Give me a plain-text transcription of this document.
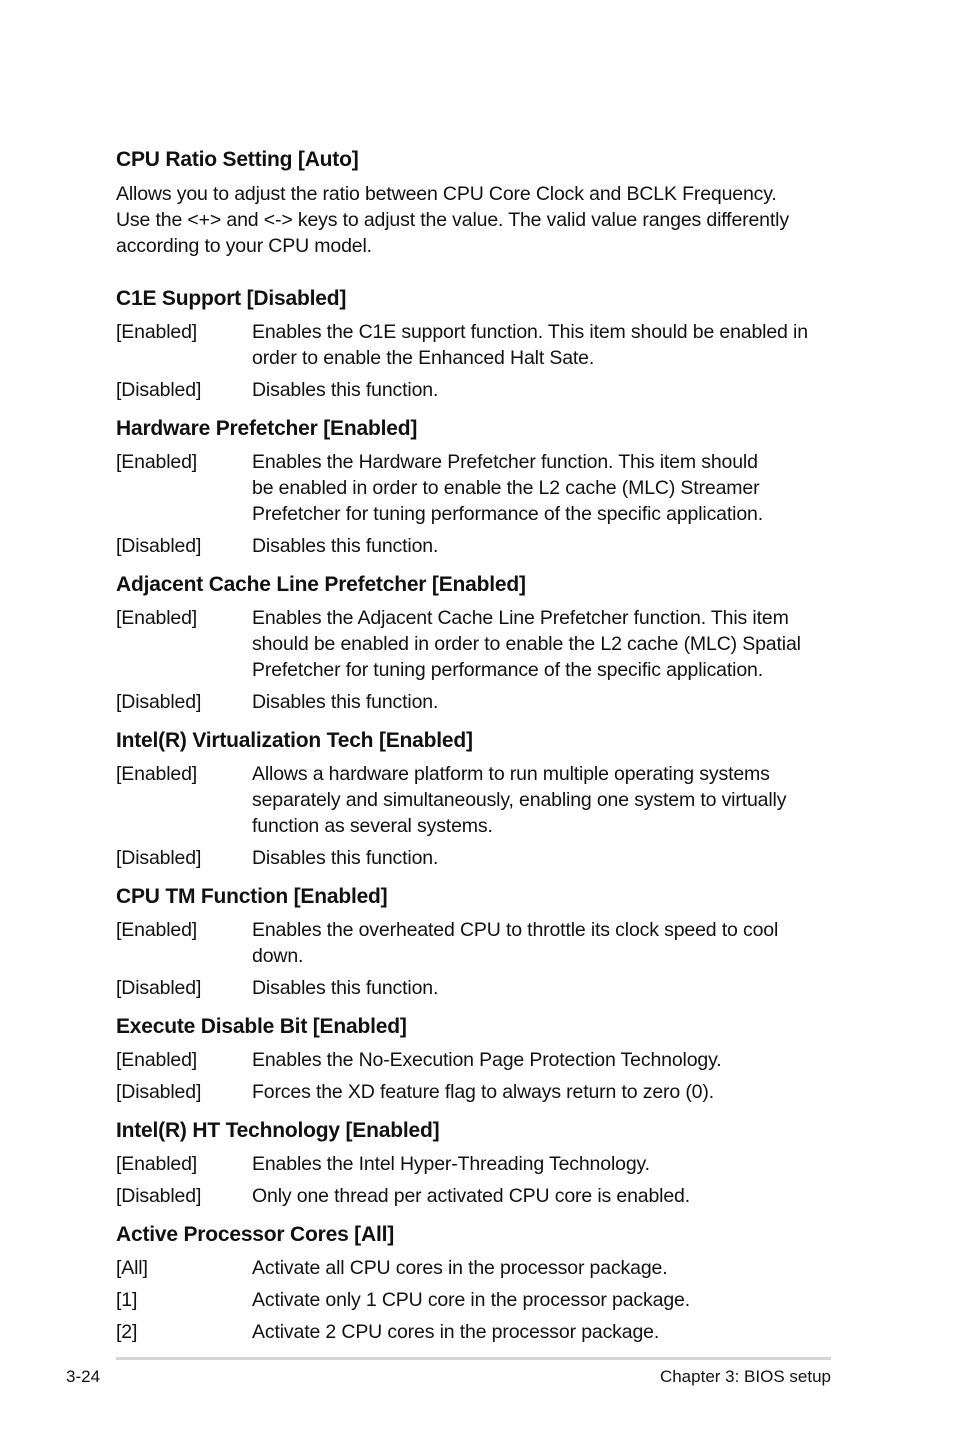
CPU Ratio Setting [Auto]
Allows you to adjust the ratio between CPU Core Clock and BCLK Frequency.
Use the <+> and <-> keys to adjust the value. The valid value ranges differently
according to your CPU model.
C1E Support [Disabled]
[Enabled]	Enables the C1E support function. This item should be enabled in
order to enable the Enhanced Halt Sate.
[Disabled]	Disables this function.
Hardware Prefetcher [Enabled]
[Enabled]	Enables the Hardware Prefetcher function. This item should
be enabled in order to enable the L2 cache (MLC) Streamer
Prefetcher for tuning performance of the specific application.
[Disabled]	Disables this function.
Adjacent Cache Line Prefetcher [Enabled]
[Enabled]	Enables the Adjacent Cache Line Prefetcher function. This item
should be enabled in order to enable the L2 cache (MLC) Spatial
Prefetcher for tuning performance of the specific application.
[Disabled]	Disables this function.
Intel(R) Virtualization Tech [Enabled]
[Enabled]	Allows a hardware platform to run multiple operating systems
separately and simultaneously, enabling one system to virtually
function as several systems.
[Disabled]	Disables this function.
CPU TM Function [Enabled]
[Enabled]	Enables the overheated CPU to throttle its clock speed to cool
down.
[Disabled]	Disables this function.
Execute Disable Bit [Enabled]
[Enabled]	Enables the No-Execution Page Protection Technology.
[Disabled]	Forces the XD feature flag to always return to zero (0).
Intel(R) HT Technology [Enabled]
[Enabled]	Enables the Intel Hyper-Threading Technology.
[Disabled]	Only one thread per activated CPU core is enabled.
Active Processor Cores [All]
[All]	Activate all CPU cores in the processor package.
[1]	Activate only 1 CPU core in the processor package.
[2]	Activate 2 CPU cores in the processor package.
3-24	Chapter 3: BIOS setup
